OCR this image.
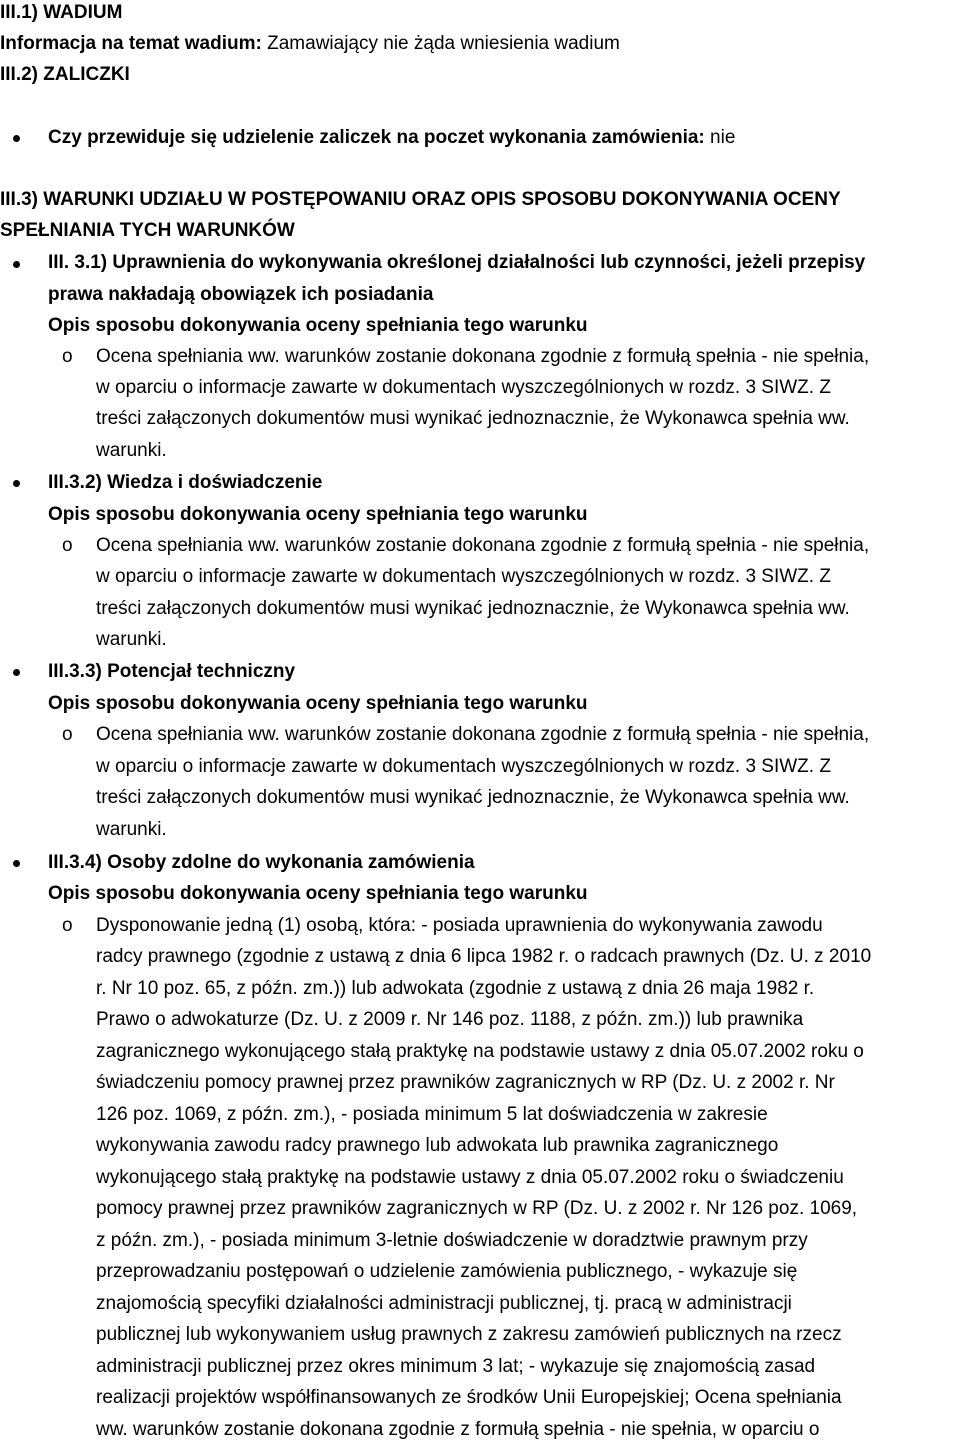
III.1) WADIUM
Informacja na temat wadium: Zamawiający nie żąda wniesienia wadium
III.2) ZALICZKI
Czy przewiduje się udzielenie zaliczek na poczet wykonania zamówienia: nie
III.3) WARUNKI UDZIAŁU W POSTĘPOWANIU ORAZ OPIS SPOSOBU DOKONYWANIA OCENY
SPEŁNIANIA TYCH WARUNKÓW
III. 3.1) Uprawnienia do wykonywania określonej działalności lub czynności, jeżeli przepisy
prawa nakładają obowiązek ich posiadania
Opis sposobu dokonywania oceny spełniania tego warunku
o Ocena spełniania ww. warunków zostanie dokonana zgodnie z formułą spełnia - nie spełnia,
w oparciu o informacje zawarte w dokumentach wyszczególnionych w rozdz. 3 SIWZ. Z
treści załączonych dokumentów musi wynikać jednoznacznie, że Wykonawca spełnia ww.
warunki.
III.3.2) Wiedza i doświadczenie
Opis sposobu dokonywania oceny spełniania tego warunku
o Ocena spełniania ww. warunków zostanie dokonana zgodnie z formułą spełnia - nie spełnia,
w oparciu o informacje zawarte w dokumentach wyszczególnionych w rozdz. 3 SIWZ. Z
treści załączonych dokumentów musi wynikać jednoznacznie, że Wykonawca spełnia ww.
warunki.
III.3.3) Potencjał techniczny
Opis sposobu dokonywania oceny spełniania tego warunku
o Ocena spełniania ww. warunków zostanie dokonana zgodnie z formułą spełnia - nie spełnia,
w oparciu o informacje zawarte w dokumentach wyszczególnionych w rozdz. 3 SIWZ. Z
treści załączonych dokumentów musi wynikać jednoznacznie, że Wykonawca spełnia ww.
warunki.
III.3.4) Osoby zdolne do wykonania zamówienia
Opis sposobu dokonywania oceny spełniania tego warunku
o Dysponowanie jedną (1) osobą, która: - posiada uprawnienia do wykonywania zawodu
radcy prawnego (zgodnie z ustawą z dnia 6 lipca 1982 r. o radcach prawnych (Dz. U. z 2010
r. Nr 10 poz. 65, z późn. zm.)) lub adwokata (zgodnie z ustawą z dnia 26 maja 1982 r.
Prawo o adwokaturze (Dz. U. z 2009 r. Nr 146 poz. 1188, z późn. zm.)) lub prawnika
zagranicznego wykonującego stałą praktykę na podstawie ustawy z dnia 05.07.2002 roku o
świadczeniu pomocy prawnej przez prawników zagranicznych w RP (Dz. U. z 2002 r. Nr
126 poz. 1069, z późn. zm.), - posiada minimum 5 lat doświadczenia w zakresie
wykonywania zawodu radcy prawnego lub adwokata lub prawnika zagranicznego
wykonującego stałą praktykę na podstawie ustawy z dnia 05.07.2002 roku o świadczeniu
pomocy prawnej przez prawników zagranicznych w RP (Dz. U. z 2002 r. Nr 126 poz. 1069,
z późn. zm.), - posiada minimum 3-letnie doświadczenie w doradztwie prawnym przy
przeprowadzaniu postępowań o udzielenie zamówienia publicznego, - wykazuje się
znajomością specyfiki działalności administracji publicznej, tj. pracą w administracji
publicznej lub wykonywaniem usług prawnych z zakresu zamówień publicznych na rzecz
administracji publicznej przez okres minimum 3 lat; - wykazuje się znajomością zasad
realizacji projektów współfinansowanych ze środków Unii Europejskiej; Ocena spełniania
ww. warunków zostanie dokonana zgodnie z formułą spełnia - nie spełnia, w oparciu o
